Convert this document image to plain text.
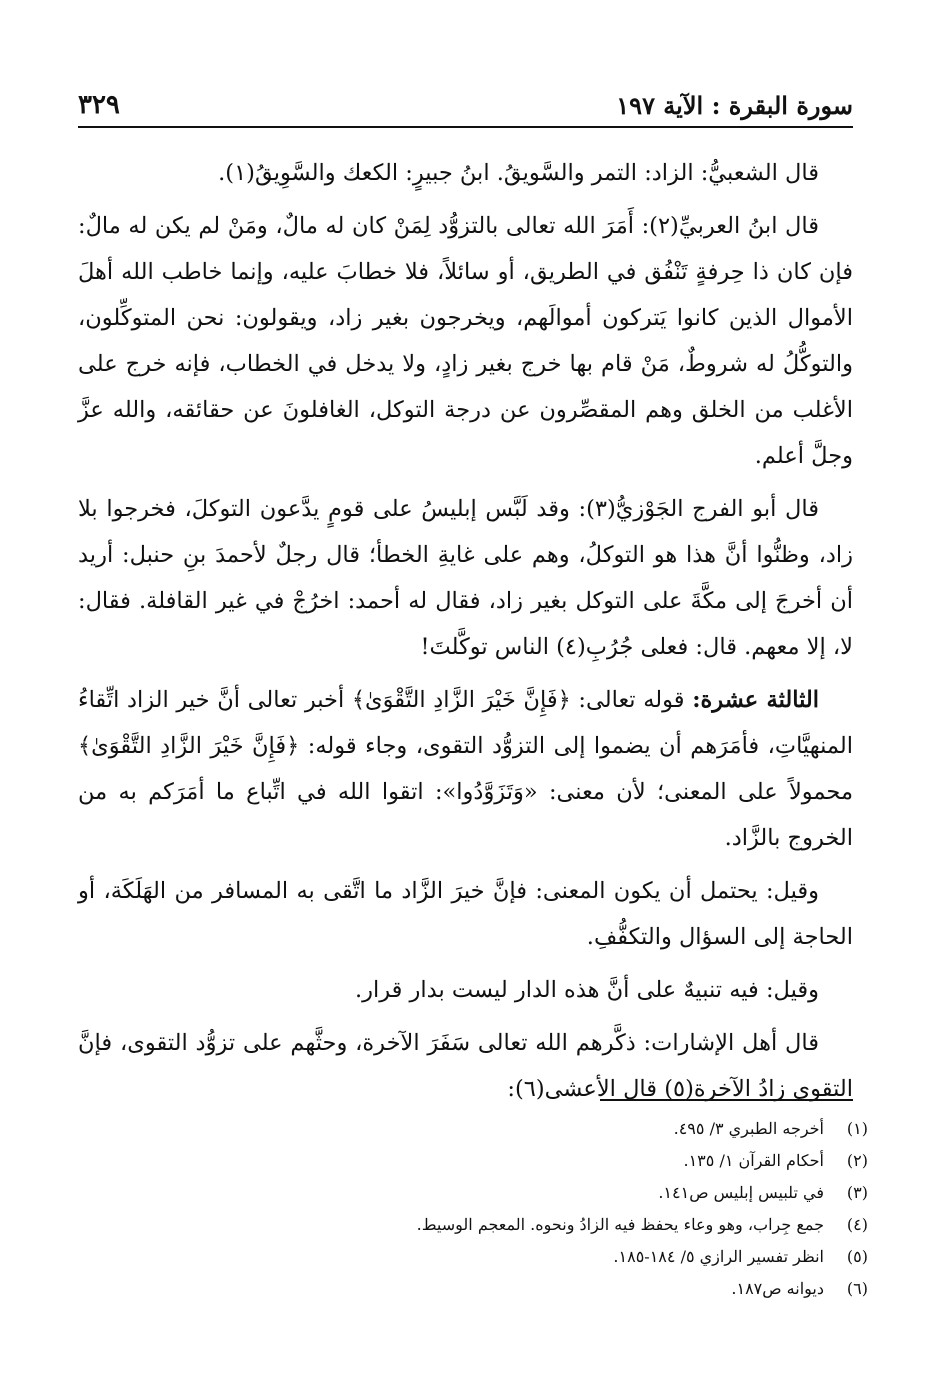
سورة البقرة : الآية ١٩٧
٣٢٩

قال الشعبيُّ: الزاد: التمر والسَّويقُ. ابنُ جبيرٍ: الكعك والسَّوِيقُ(١).

قال ابنُ العربيِّ(٢): أَمَرَ الله تعالى بالتزوُّد لِمَنْ كان له مالٌ، ومَنْ لم يكن له مالٌ: فإن كان ذا حِرفةٍ تَنْفُق في الطريق، أو سائلاً، فلا خطابَ عليه، وإنما خاطب الله أهلَ الأموال الذين كانوا يَتركون أموالَهم، ويخرجون بغير زاد، ويقولون: نحن المتوكِّلون، والتوكُّلُ له شروطٌ، مَنْ قام بها خرج بغير زادٍ، ولا يدخل في الخطاب، فإنه خرج على الأغلب من الخلق وهم المقصِّرون عن درجة التوكل، الغافلونَ عن حقائقه، والله عزَّ وجلَّ أعلم.

قال أبو الفرج الجَوْزيُّ(٣): وقد لَبَّس إبليسُ على قومٍ يدَّعون التوكلَ، فخرجوا بلا زاد، وظنُّوا أنَّ هذا هو التوكلُ، وهم على غايةِ الخطأ؛ قال رجلٌ لأحمدَ بنِ حنبل: أريد أن أخرجَ إلى مكَّةَ على التوكل بغير زاد، فقال له أحمد: اخرُجْ في غير القافلة. فقال: لا، إلا معهم. قال: فعلى جُرُبِ(٤) الناس توكَّلتَ!

الثالثة عشرة: قوله تعالى: ﴿فَإِنَّ خَيْرَ الزَّادِ التَّقْوَىٰ﴾ أخبر تعالى أنَّ خير الزاد اتِّقاءُ المنهيَّاتِ، فأمَرَهم أن يضموا إلى التزوُّد التقوى، وجاء قوله: ﴿فَإِنَّ خَيْرَ الزَّادِ التَّقْوَىٰ﴾ محمولاً على المعنى؛ لأن معنى: «وَتَزَوَّدُوا»: اتقوا الله في اتِّباع ما أمَرَكم به من الخروج بالزَّاد.

وقيل: يحتمل أن يكون المعنى: فإنَّ خيرَ الزَّاد ما اتَّقى به المسافر من الهَلَكَة، أو الحاجة إلى السؤال والتكفُّفِ.

وقيل: فيه تنبيهٌ على أنَّ هذه الدار ليست بدار قرار.

قال أهل الإشارات: ذكَّرهم الله تعالى سَفَرَ الآخرة، وحثَّهم على تزوُّد التقوى، فإنَّ التقوى زادُ الآخرة(٥) قال الأعشى(٦):

(١)
أخرجه الطبري ٣/ ٤٩٥.
(٢)
أحكام القرآن ١/ ١٣٥.
(٣)
في تلبيس إبليس ص١٤١.
(٤)
جمع جِراب، وهو وعاء يحفظ فيه الزادُ ونحوه. المعجم الوسيط.
(٥)
انظر تفسير الرازي ٥/ ١٨٤-١٨٥.
(٦)
ديوانه ص١٨٧.
